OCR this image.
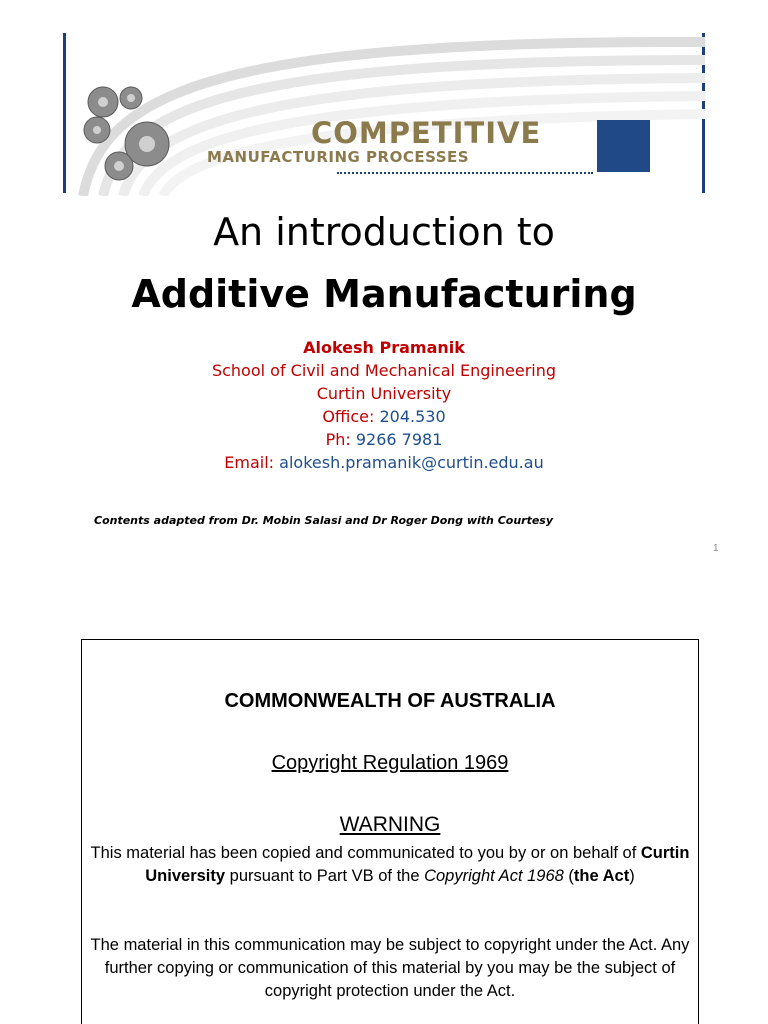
COMPETITIVE
MANUFACTURING PROCESSES
An introduction to
Additive Manufacturing
Alokesh Pramanik
School of Civil and Mechanical Engineering
Curtin University
Office: 204.530
Ph: 9266 7981
Email: alokesh.pramanik@curtin.edu.au
Contents adapted from Dr. Mobin Salasi and Dr Roger Dong with Courtesy
1
COMMONWEALTH OF AUSTRALIA
Copyright Regulation 1969
WARNING
This material has been copied and communicated to you by or on behalf of Curtin University pursuant to Part VB of the Copyright Act 1968 (the Act)
The material in this communication may be subject to copyright under the Act. Any further copying or communication of this material by you may be the subject of copyright protection under the Act.
